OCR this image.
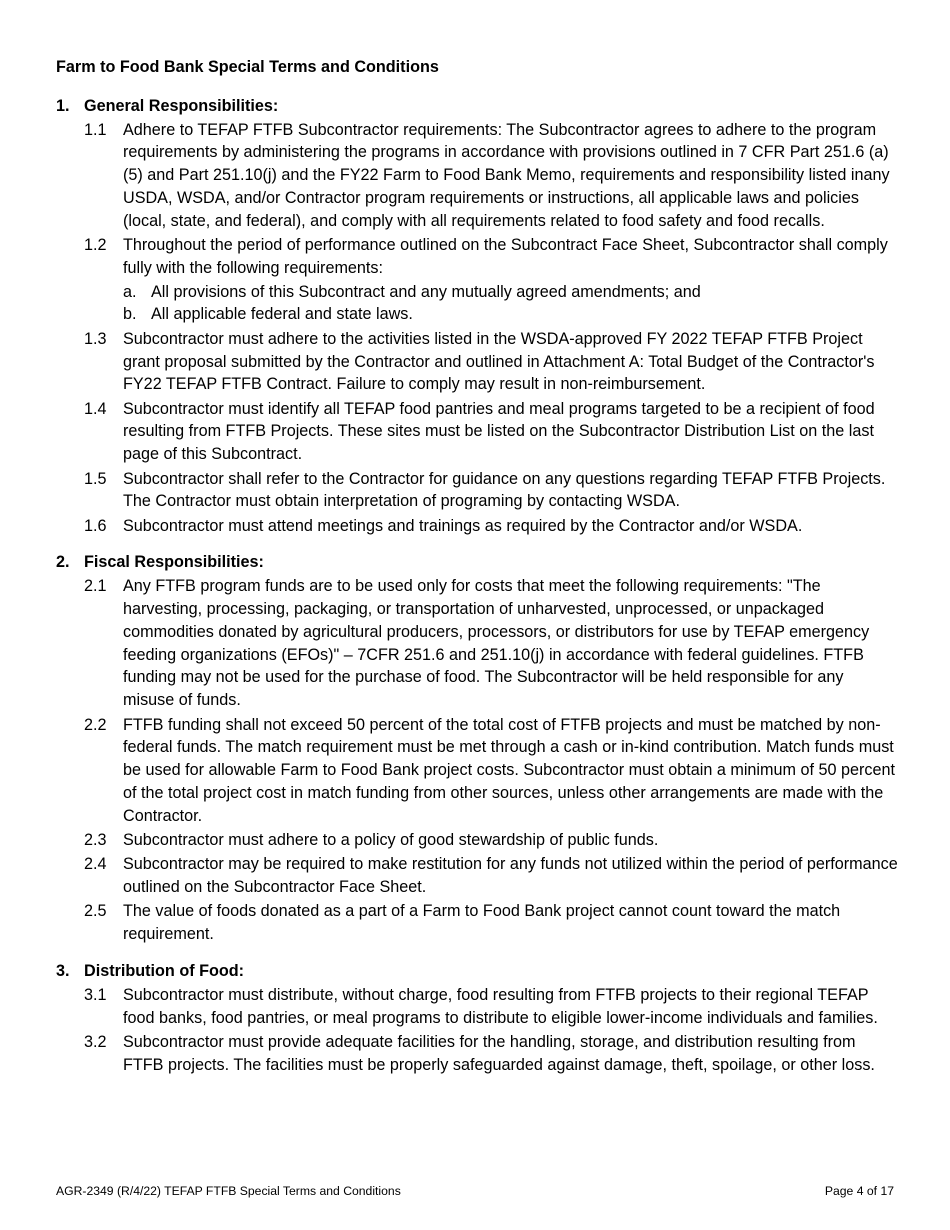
Farm to Food Bank Special Terms and Conditions
1. General Responsibilities:
1.1	Adhere to TEFAP FTFB Subcontractor requirements: The Subcontractor agrees to adhere to the program requirements by administering the programs in accordance with provisions outlined in 7 CFR Part 251.6 (a)(5) and Part 251.10(j) and the FY22 Farm to Food Bank Memo, requirements and responsibility listed inany USDA, WSDA, and/or Contractor program requirements or instructions, all applicable laws and policies (local, state, and federal), and comply with all requirements related to food safety and food recalls.
1.2	Throughout the period of performance outlined on the Subcontract Face Sheet, Subcontractor shall comply fully with the following requirements:
a. All provisions of this Subcontract and any mutually agreed amendments; and
b. All applicable federal and state laws.
1.3	Subcontractor must adhere to the activities listed in the WSDA-approved FY 2022 TEFAP FTFB Project grant proposal submitted by the Contractor and outlined in Attachment A: Total Budget of the Contractor's FY22 TEFAP FTFB Contract. Failure to comply may result in non-reimbursement.
1.4	Subcontractor must identify all TEFAP food pantries and meal programs targeted to be a recipient of food resulting from FTFB Projects. These sites must be listed on the Subcontractor Distribution List on the last page of this Subcontract.
1.5	Subcontractor shall refer to the Contractor for guidance on any questions regarding TEFAP FTFB Projects. The Contractor must obtain interpretation of programing by contacting WSDA.
1.6	Subcontractor must attend meetings and trainings as required by the Contractor and/or WSDA.
2. Fiscal Responsibilities:
2.1	Any FTFB program funds are to be used only for costs that meet the following requirements: "The harvesting, processing, packaging, or transportation of unharvested, unprocessed, or unpackaged commodities donated by agricultural producers, processors, or distributors for use by TEFAP emergency feeding organizations (EFOs)" – 7CFR 251.6 and 251.10(j) in accordance with federal guidelines. FTFB funding may not be used for the purchase of food. The Subcontractor will be held responsible for any misuse of funds.
2.2	FTFB funding shall not exceed 50 percent of the total cost of FTFB projects and must be matched by non-federal funds. The match requirement must be met through a cash or in-kind contribution. Match funds must be used for allowable Farm to Food Bank project costs. Subcontractor must obtain a minimum of 50 percent of the total project cost in match funding from other sources, unless other arrangements are made with the Contractor.
2.3	Subcontractor must adhere to a policy of good stewardship of public funds.
2.4	Subcontractor may be required to make restitution for any funds not utilized within the period of performance outlined on the Subcontractor Face Sheet.
2.5	The value of foods donated as a part of a Farm to Food Bank project cannot count toward the match requirement.
3. Distribution of Food:
3.1	Subcontractor must distribute, without charge, food resulting from FTFB projects to their regional TEFAP food banks, food pantries, or meal programs to distribute to eligible lower-income individuals and families.
3.2	Subcontractor must provide adequate facilities for the handling, storage, and distribution resulting from FTFB projects. The facilities must be properly safeguarded against damage, theft, spoilage, or other loss.
AGR-2349 (R/4/22) TEFAP FTFB Special Terms and Conditions	Page 4 of 17
